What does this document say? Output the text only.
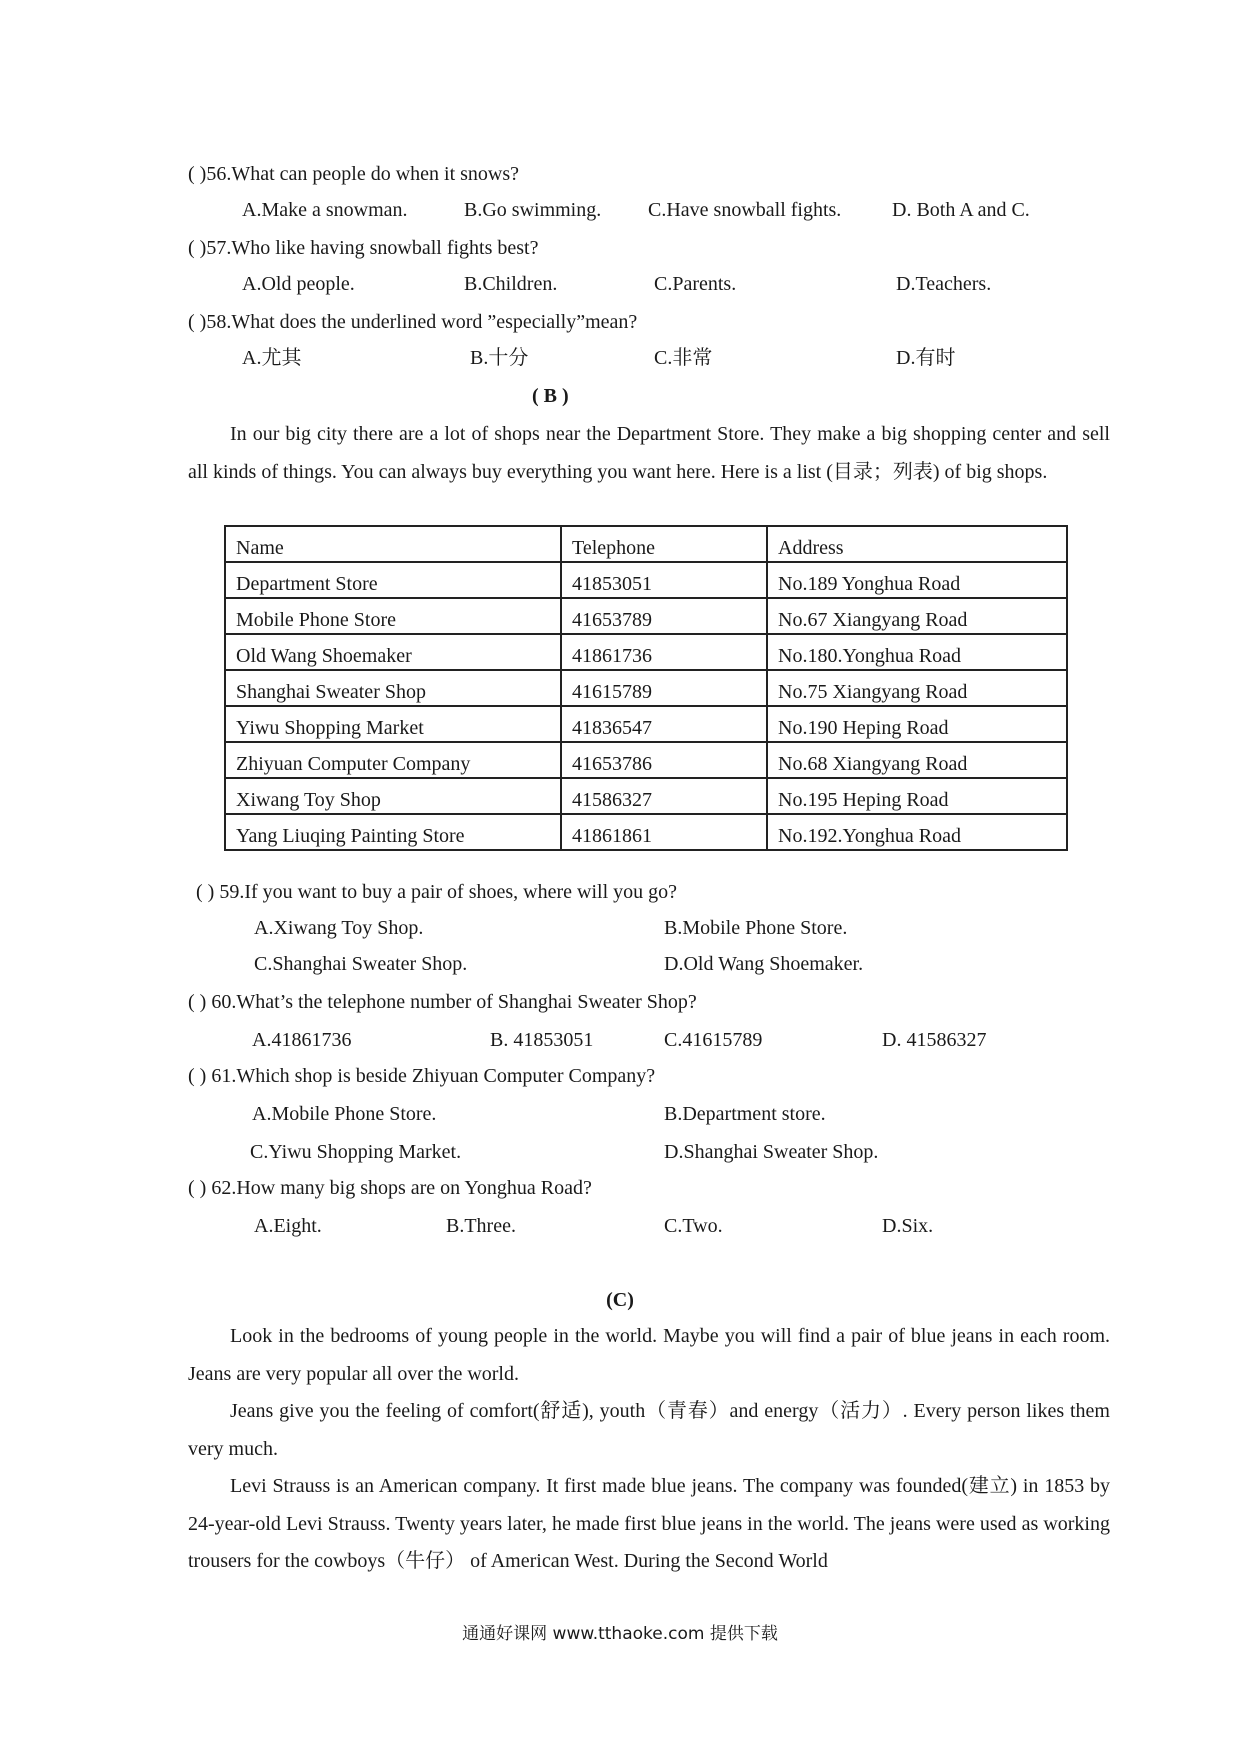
( )56.What can people do when it snows?
A.Make a snowman.	B.Go swimming. C.Have snowball fights.	D. Both A and C.
( )57.Who like having snowball fights best?
A.Old people.	B.Children.	C.Parents.	D.Teachers.
( )58.What does the underlined word ”especially”mean?
A.尤其	B.十分	C.非常	D.有时
( B )
In our big city there are a lot of shops near the Department Store. They make a big shopping center and sell all kinds of things. You can always buy everything you want here. Here is a list (目录；列表) of big shops.
Name	Telephone	Address
Department Store	41853051	No.189 Yonghua Road
Mobile Phone Store	41653789	No.67 Xiangyang Road
Old Wang Shoemaker	41861736	No.180.Yonghua Road
Shanghai Sweater Shop	41615789	No.75 Xiangyang Road
Yiwu Shopping Market	41836547	No.190 Heping Road
Zhiyuan Computer Company	41653786	No.68 Xiangyang Road
Xiwang Toy Shop	41586327	No.195 Heping Road
Yang Liuqing Painting Store	41861861	No.192.Yonghua Road
( ) 59.If you want to buy a pair of shoes, where will you go?
A.Xiwang Toy Shop.	B.Mobile Phone Store.
C.Shanghai Sweater Shop.	D.Old Wang Shoemaker.
( ) 60.What’s the telephone number of Shanghai Sweater Shop?
A.41861736	B. 41853051	C.41615789	D. 41586327
( ) 61.Which shop is beside Zhiyuan Computer Company?
A.Mobile Phone Store.	B.Department store.
C.Yiwu Shopping Market.	D.Shanghai Sweater Shop.
( ) 62.How many big shops are on Yonghua Road?
A.Eight.	B.Three.	C.Two.	D.Six.
(C)
Look in the bedrooms of young people in the world. Maybe you will find a pair of blue jeans in each room. Jeans are very popular all over the world.
Jeans give you the feeling of comfort(舒适), youth（青春）and energy（活力）. Every person likes them very much.
Levi Strauss is an American company. It first made blue jeans. The company was founded(建立) in 1853 by 24-year-old Levi Strauss. Twenty years later, he made first blue jeans in the world. The jeans were used as working trousers for the cowboys（牛仔） of American West. During the Second World
通通好课网 www.tthaoke.com 提供下载
